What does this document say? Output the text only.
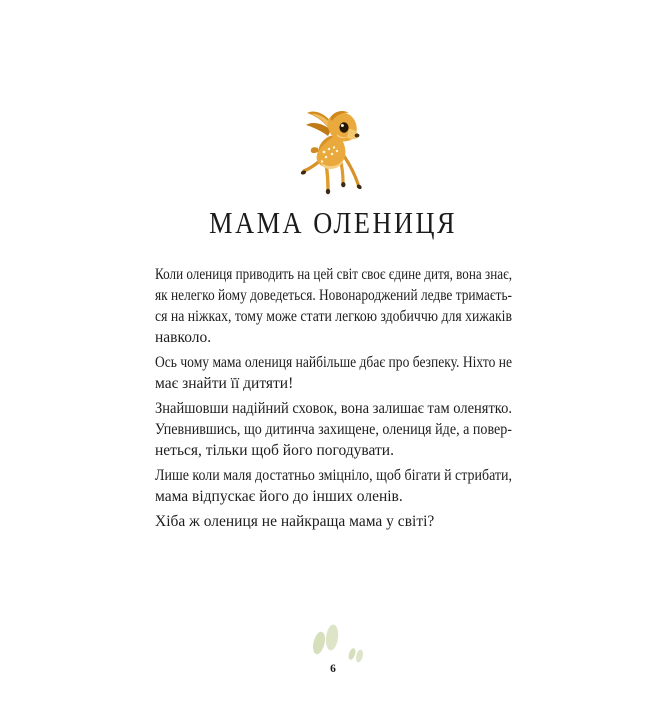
МАМА ОЛЕНИЦЯ
Коли олениця приводить на цей світ своє єдине дитя, вона знає,
як нелегко йому доведеться. Новонароджений ледве тримаєть-
ся на ніжках, тому може стати легкою здобиччю для хижаків
навколо.
Ось чому мама олениця найбільше дбає про безпеку. Ніхто не
має знайти її дитяти!
Знайшовши надійний сховок, вона залишає там оленятко.
Упевнившись, що дитинча захищене, олениця йде, а повер-
неться, тільки щоб його погодувати.
Лише коли маля достатньо зміцніло, щоб бігати й стрибати,
мама відпускає його до інших оленів.
Хіба ж олениця не найкраща мама у світі?
6
